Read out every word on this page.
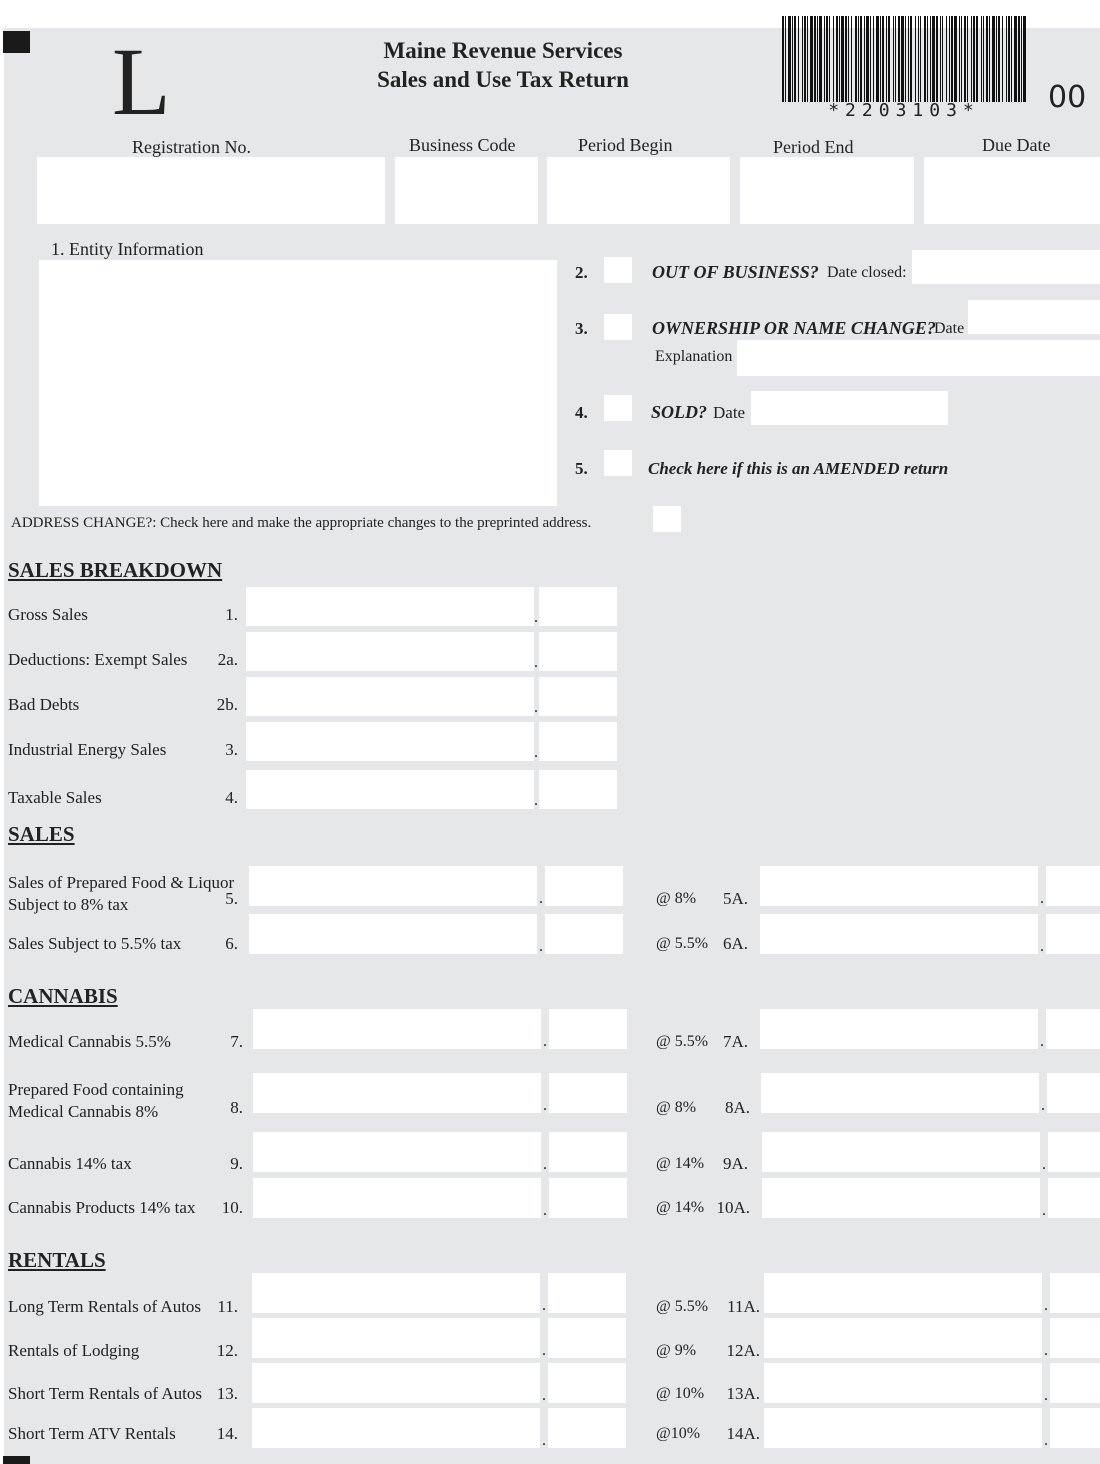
L	Maine Revenue Services
Sales and Use Tax Return
*2203103*	00
Registration No.	Business Code	Period Begin	Period End	Due Date
1. Entity Information
2.	OUT OF BUSINESS? Date closed:
3.	OWNERSHIP OR NAME CHANGE?
Date
Explanation
4.	SOLD? Date
5.	Check here if this is an AMENDED return
ADDRESS CHANGE?: Check here and make the appropriate changes to the preprinted address.
SALES BREAKDOWN
Gross Sales	1.	.
Deductions: Exempt Sales	2a.	.
Bad Debts	2b.	.
Industrial Energy Sales	3.	.
Taxable Sales	4.	.
SALES
Sales of Prepared Food & Liquor
Subject to 8% tax	5.	.	@ 8%	5A.	.
Sales Subject to 5.5% tax	6.	.	@ 5.5% 6A.	.
CANNABIS
Medical Cannabis 5.5%	7.	.	@ 5.5% 7A.	.
Prepared Food containing
Medical Cannabis 8%	8.	.	@ 8%	8A.	.
Cannabis 14% tax	9.	.	@ 14%	9A.	.
Cannabis Products 14% tax	10.	.	@ 14% 10A.	.
RENTALS
Long Term Rentals of Autos 11.	.	@ 5.5%	11A.	.
Rentals of Lodging	12.	.	@ 9%	12A.	.
Short Term Rentals of Autos 13.	.	@ 10%	13A.	.
Short Term ATV Rentals	14.	.	@10%	14A.	.
